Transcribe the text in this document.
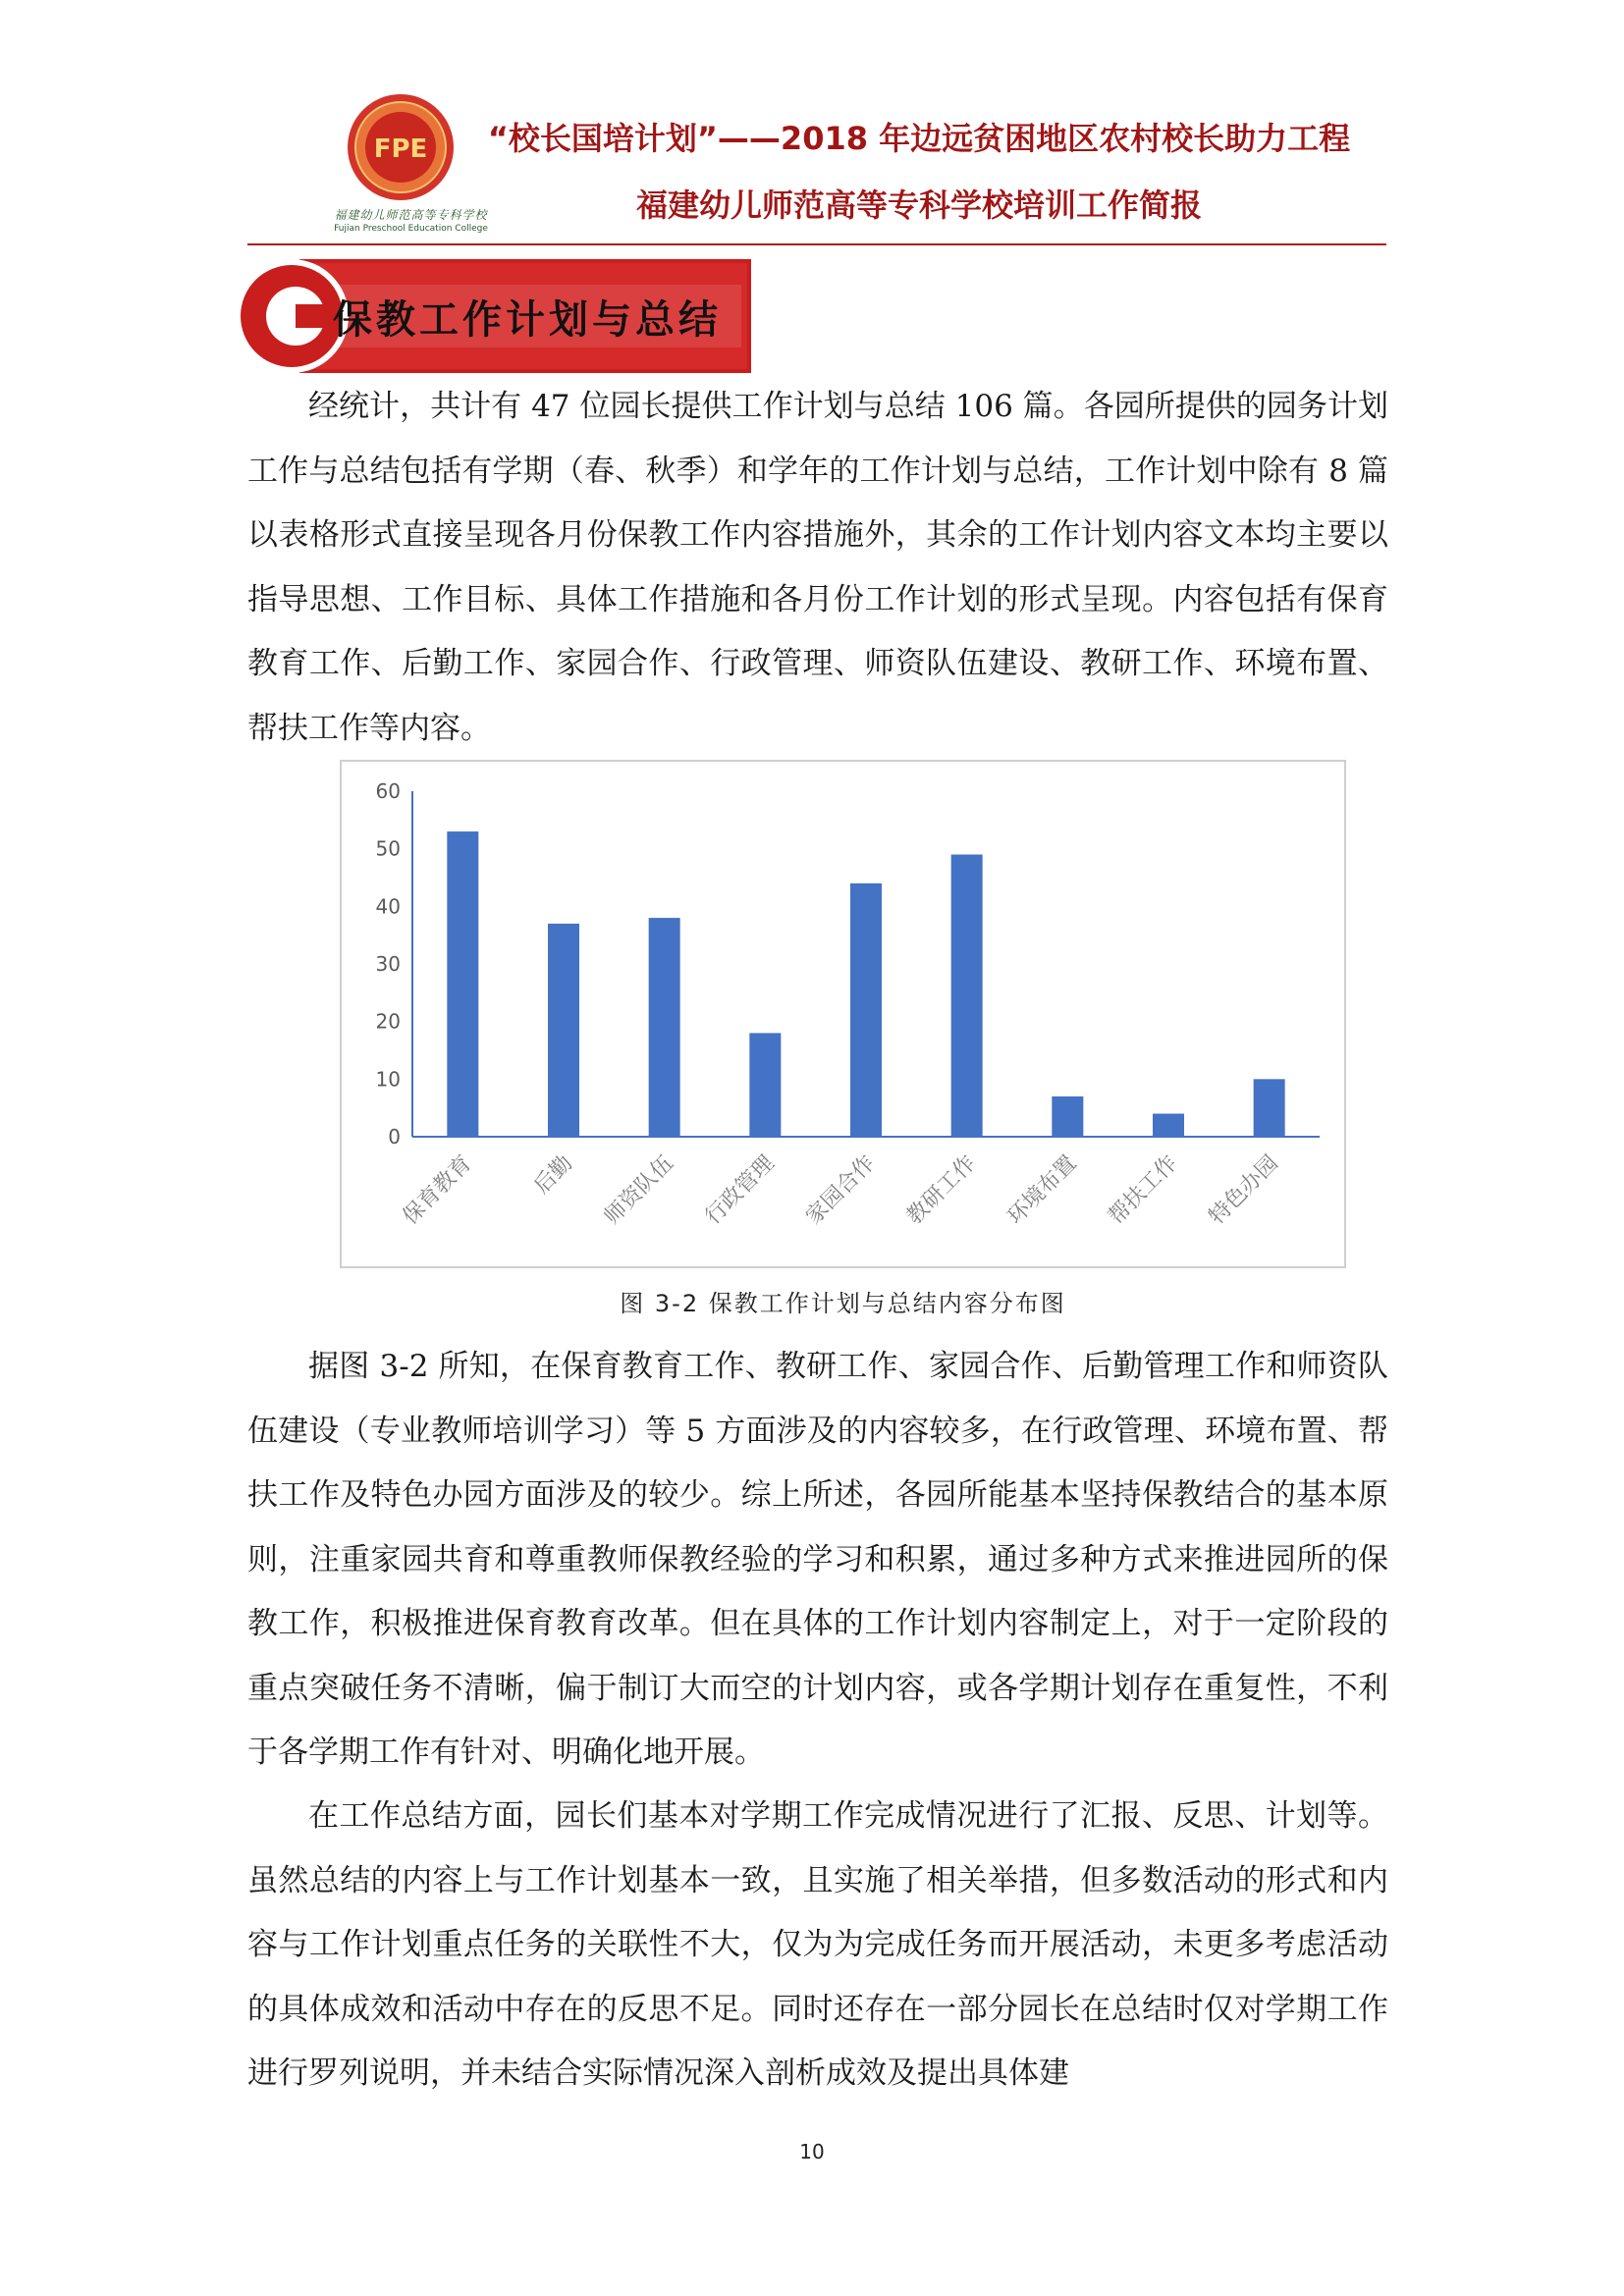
FPE
福建幼儿师范高等专科学校
Fujian Preschool Education College
“校长国培计划”——2018 年边远贫困地区农村校长助力工程
福建幼儿师范高等专科学校培训工作简报
保教工作计划与总结

经统计，共计有 47 位园长提供工作计划与总结 106 篇。各园所提供的园务计划工作与总结包括有学期（春、秋季）和学年的工作计划与总结，工作计划中除有 8 篇以表格形式直接呈现各月份保教工作内容措施外，其余的工作计划内容文本均主要以指导思想、工作目标、具体工作措施和各月份工作计划的形式呈现。内容包括有保育教育工作、后勤工作、家园合作、行政管理、师资队伍建设、教研工作、环境布置、帮扶工作等内容。

0
10
20
30
40
50
60
保育教育 后勤 师资队伍 行政管理 家园合作 教研工作 环境布置 帮扶工作 特色办园
图 3-2 保教工作计划与总结内容分布图

据图 3-2 所知，在保育教育工作、教研工作、家园合作、后勤管理工作和师资队伍建设（专业教师培训学习）等 5 方面涉及的内容较多，在行政管理、环境布置、帮扶工作及特色办园方面涉及的较少。综上所述，各园所能基本坚持保教结合的基本原则，注重家园共育和尊重教师保教经验的学习和积累，通过多种方式来推进园所的保教工作，积极推进保育教育改革。但在具体的工作计划内容制定上，对于一定阶段的重点突破任务不清晰，偏于制订大而空的计划内容，或各学期计划存在重复性，不利于各学期工作有针对、明确化地开展。

在工作总结方面，园长们基本对学期工作完成情况进行了汇报、反思、计划等。虽然总结的内容上与工作计划基本一致，且实施了相关举措，但多数活动的形式和内容与工作计划重点任务的关联性不大，仅为为完成任务而开展活动，未更多考虑活动的具体成效和活动中存在的反思不足。同时还存在一部分园长在总结时仅对学期工作进行罗列说明，并未结合实际情况深入剖析成效及提出具体建

10
